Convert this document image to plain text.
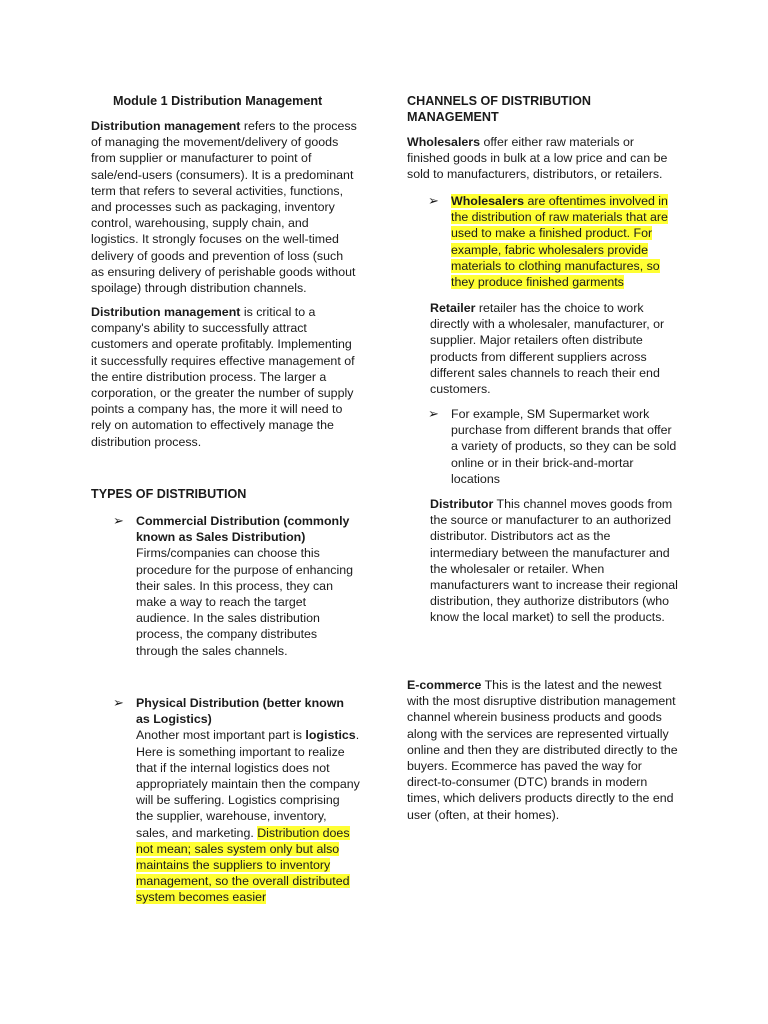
Module 1 Distribution Management

Distribution management refers to the process of managing the movement/delivery of goods from supplier or manufacturer to point of sale/end-users (consumers). It is a predominant term that refers to several activities, functions, and processes such as packaging, inventory control, warehousing, supply chain, and logistics. It strongly focuses on the well-timed delivery of goods and prevention of loss (such as ensuring delivery of perishable goods without spoilage) through distribution channels.

Distribution management is critical to a company's ability to successfully attract customers and operate profitably. Implementing it successfully requires effective management of the entire distribution process. The larger a corporation, or the greater the number of supply points a company has, the more it will need to rely on automation to effectively manage the distribution process.

TYPES OF DISTRIBUTION

➢ Commercial Distribution (commonly known as Sales Distribution)

Firms/companies can choose this procedure for the purpose of enhancing their sales. In this process, they can make a way to reach the target audience. In the sales distribution process, the company distributes through the sales channels.

➢ Physical Distribution (better known as Logistics)

Another most important part is logistics. Here is something important to realize that if the internal logistics does not appropriately maintain then the company will be suffering. Logistics comprising the supplier, warehouse, inventory, sales, and marketing. Distribution does not mean; sales system only but also maintains the suppliers to inventory management, so the overall distributed system becomes easier

CHANNELS OF DISTRIBUTION MANAGEMENT

Wholesalers offer either raw materials or finished goods in bulk at a low price and can be sold to manufacturers, distributors, or retailers.

➢ Wholesalers are oftentimes involved in the distribution of raw materials that are used to make a finished product. For example, fabric wholesalers provide materials to clothing manufactures, so they produce finished garments

Retailer retailer has the choice to work directly with a wholesaler, manufacturer, or supplier. Major retailers often distribute products from different suppliers across different sales channels to reach their end customers.

➢ For example, SM Supermarket work purchase from different brands that offer a variety of products, so they can be sold online or in their brick-and-mortar locations

Distributor This channel moves goods from the source or manufacturer to an authorized distributor. Distributors act as the intermediary between the manufacturer and the wholesaler or retailer. When manufacturers want to increase their regional distribution, they authorize distributors (who know the local market) to sell the products.

E-commerce This is the latest and the newest with the most disruptive distribution management channel wherein business products and goods along with the services are represented virtually online and then they are distributed directly to the buyers. Ecommerce has paved the way for direct-to-consumer (DTC) brands in modern times, which delivers products directly to the end user (often, at their homes).
